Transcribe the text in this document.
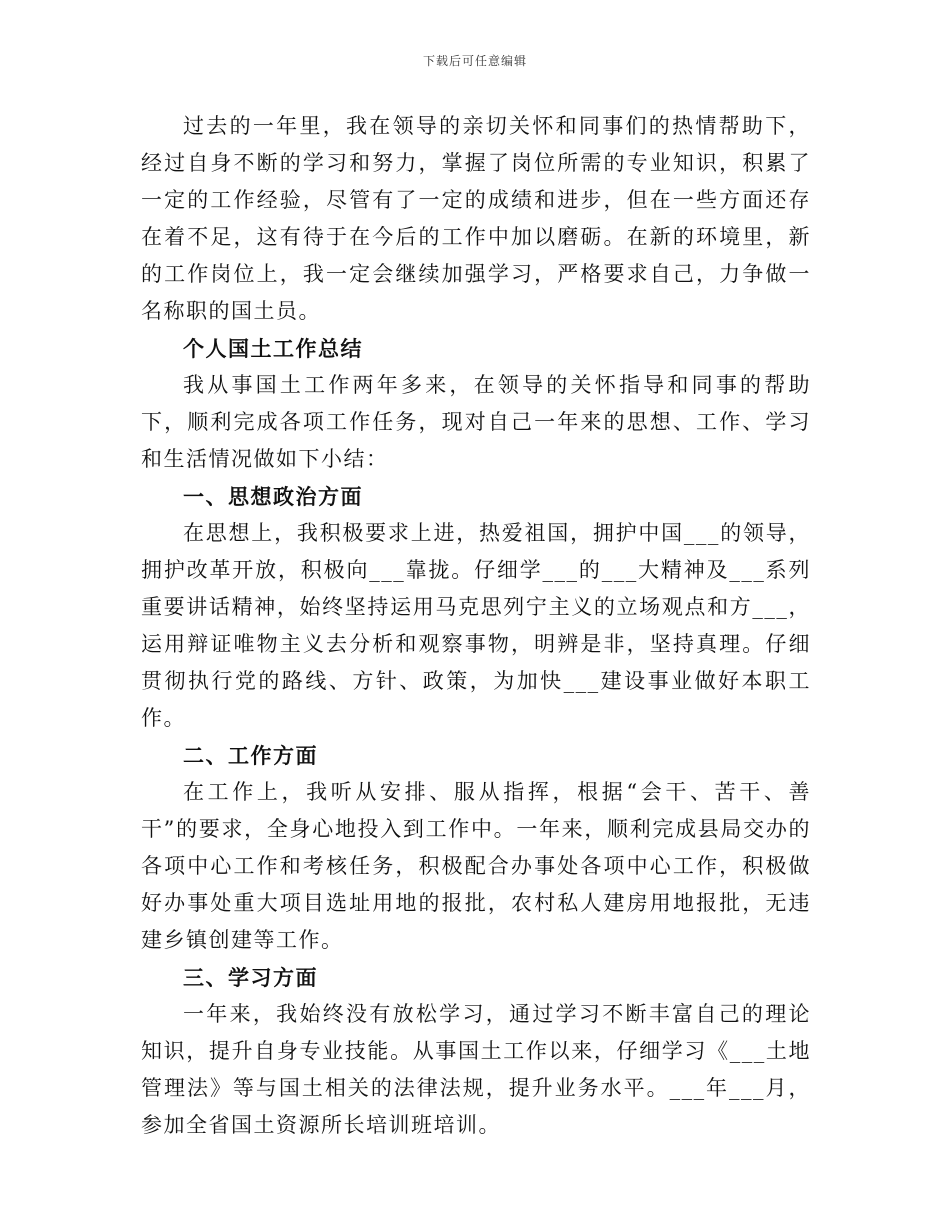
下载后可任意编辑

过去的一年里，我在领导的亲切关怀和同事们的热情帮助下，经过自身不断的学习和努力，掌握了岗位所需的专业知识，积累了一定的工作经验，尽管有了一定的成绩和进步，但在一些方面还存在着不足，这有待于在今后的工作中加以磨砺。在新的环境里，新的工作岗位上，我一定会继续加强学习，严格要求自己，力争做一名称职的国土员。

个人国土工作总结

我从事国土工作两年多来，在领导的关怀指导和同事的帮助下，顺利完成各项工作任务，现对自己一年来的思想、工作、学习和生活情况做如下小结：

一、思想政治方面

在思想上，我积极要求上进，热爱祖国，拥护中国___的领导，拥护改革开放，积极向___靠拢。仔细学___的___大精神及___系列重要讲话精神，始终坚持运用马克思列宁主义的立场观点和方___，运用辩证唯物主义去分析和观察事物，明辨是非，坚持真理。仔细贯彻执行党的路线、方针、政策，为加快___建设事业做好本职工作。

二、工作方面

在工作上，我听从安排、服从指挥，根据“会干、苦干、善干”的要求，全身心地投入到工作中。一年来，顺利完成县局交办的各项中心工作和考核任务，积极配合办事处各项中心工作，积极做好办事处重大项目选址用地的报批，农村私人建房用地报批，无违建乡镇创建等工作。

三、学习方面

一年来，我始终没有放松学习，通过学习不断丰富自己的理论知识，提升自身专业技能。从事国土工作以来，仔细学习《___土地管理法》等与国土相关的法律法规，提升业务水平。___年___月，参加全省国土资源所长培训班培训。
